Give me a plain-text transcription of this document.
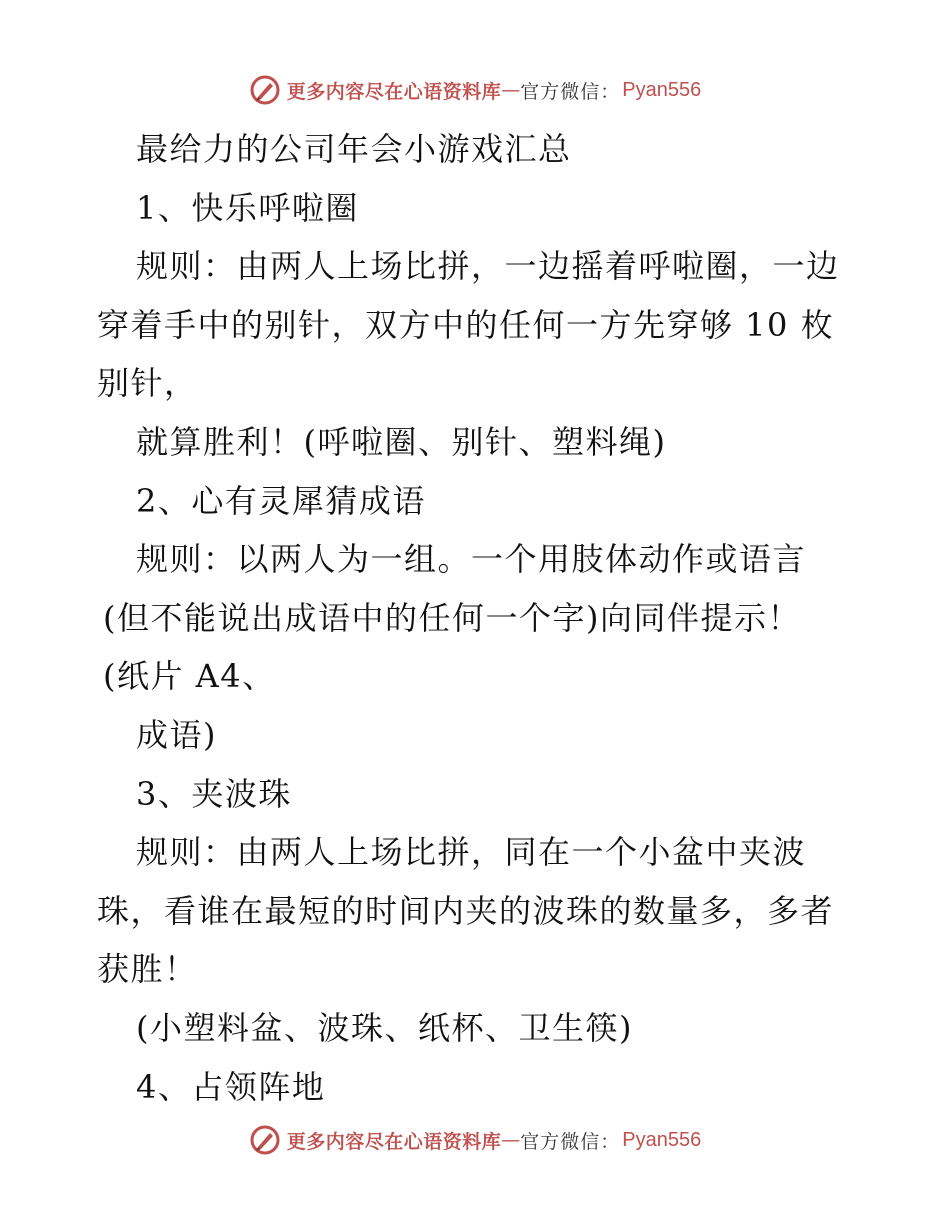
更多内容尽在心语资料库 — 官方微信： Pyan556
最给力的公司年会小游戏汇总
1、快乐呼啦圈
规则：由两人上场比拼，一边摇着呼啦圈，一边
穿着手中的别针，双方中的任何一方先穿够 10 枚
别针，
就算胜利！(呼啦圈、别针、塑料绳)
2、心有灵犀猜成语
规则：以两人为一组。一个用肢体动作或语言
(但不能说出成语中的任何一个字)向同伴提示！
(纸片 A4、
成语)
3、夹波珠
规则：由两人上场比拼，同在一个小盆中夹波
珠，看谁在最短的时间内夹的波珠的数量多，多者
获胜！
(小塑料盆、波珠、纸杯、卫生筷)
4、占领阵地
更多内容尽在心语资料库 — 官方微信： Pyan556
